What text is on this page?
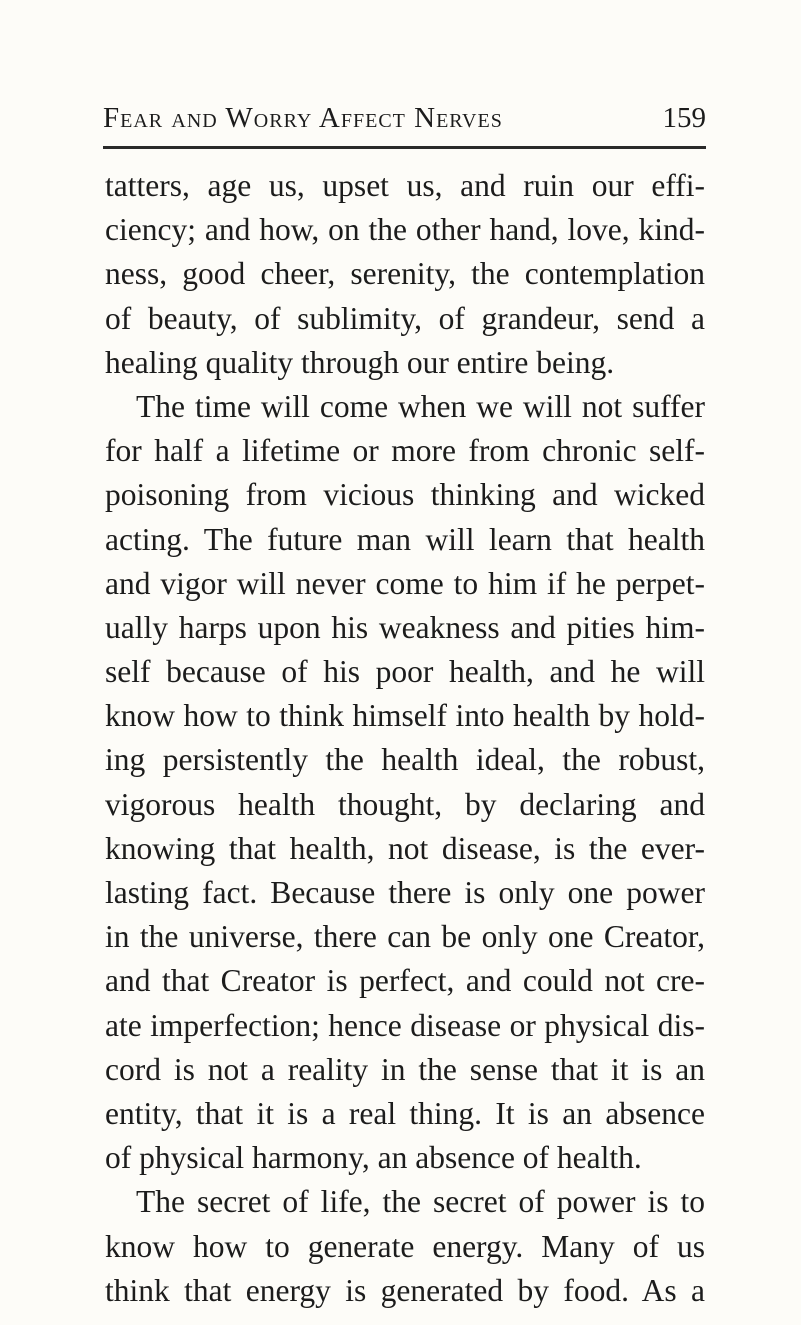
Fear and Worry Affect Nerves	159
tatters, age us, upset us, and ruin our effi-
ciency; and how, on the other hand, love, kind-
ness, good cheer, serenity, the contemplation
of beauty, of sublimity, of grandeur, send a
healing quality through our entire being.
The time will come when we will not suffer
for half a lifetime or more from chronic self-
poisoning from vicious thinking and wicked
acting. The future man will learn that health
and vigor will never come to him if he perpet-
ually harps upon his weakness and pities him-
self because of his poor health, and he will
know how to think himself into health by hold-
ing persistently the health ideal, the robust,
vigorous health thought, by declaring and
knowing that health, not disease, is the ever-
lasting fact. Because there is only one power
in the universe, there can be only one Creator,
and that Creator is perfect, and could not cre-
ate imperfection; hence disease or physical dis-
cord is not a reality in the sense that it is an
entity, that it is a real thing. It is an absence
of physical harmony, an absence of health.
The secret of life, the secret of power is to
know how to generate energy. Many of us
think that energy is generated by food. As a
